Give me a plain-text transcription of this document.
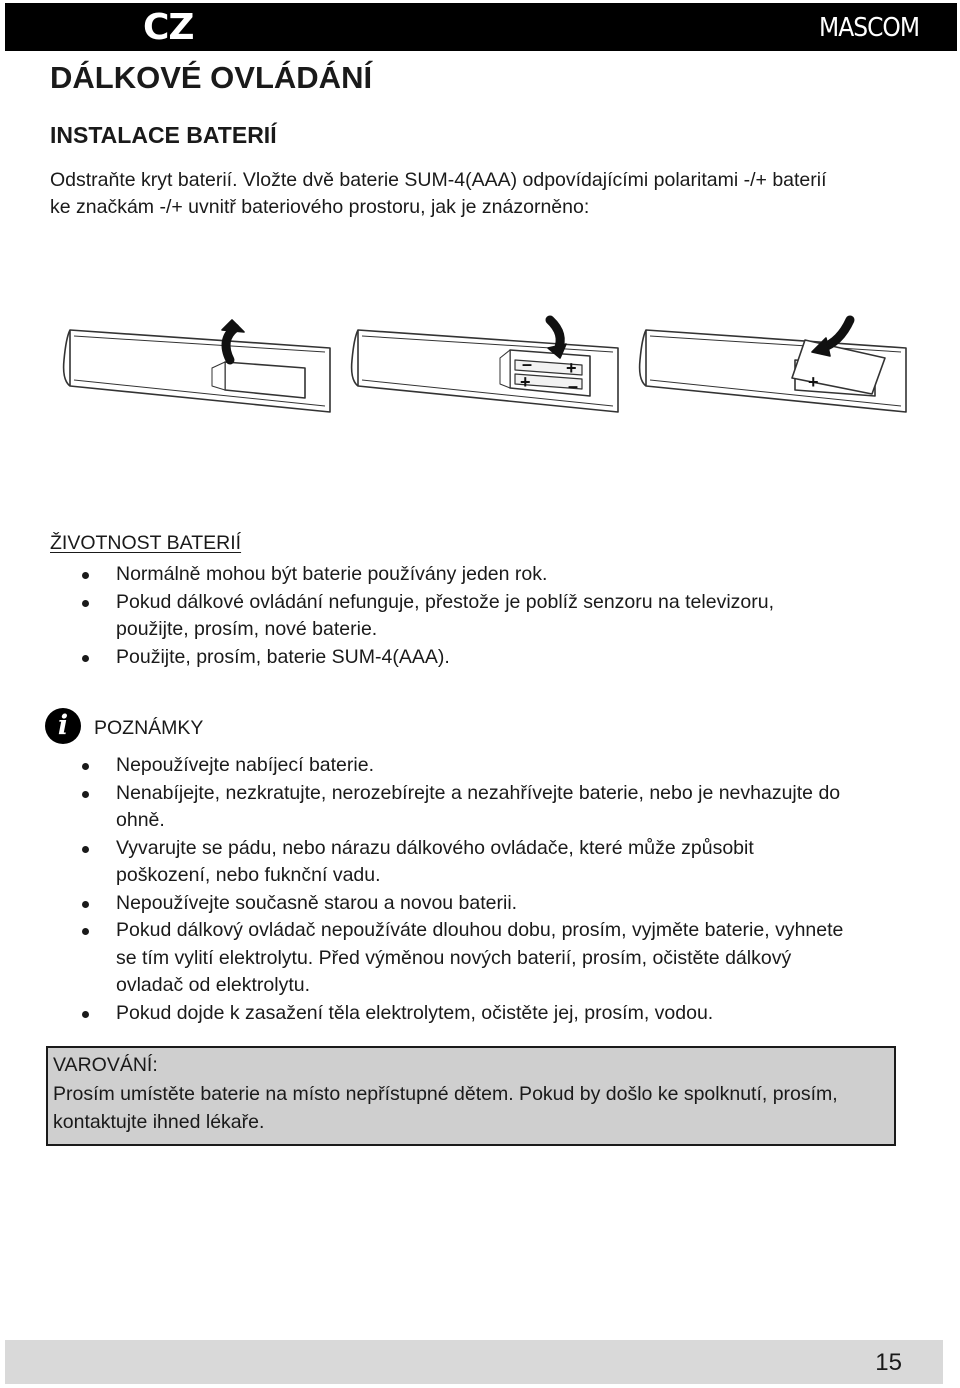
CZ	MASCOM
DÁLKOVÉ OVLÁDÁNÍ
INSTALACE BATERIÍ

Odstraňte kryt baterií. Vložte dvě baterie SUM-4(AAA) odpovídajícími polaritami -/+ baterií
ke značkám -/+ uvnitř bateriového prostoru, jak je znázorněno:

– +
+ –	+
ŽIVOTNOST BATERIÍ
Normálně mohou být baterie používány jeden rok.
Pokud dálkové ovládání nefunguje, přestože je poblíž senzoru na televizoru,
použijte, prosím, nové baterie.
Použijte, prosím, baterie SUM-4(AAA).
i	POZNÁMKY
Nepoužívejte nabíjecí baterie.
Nenabíjejte, nezkratujte, nerozebírejte a nezahřívejte baterie, nebo je nevhazujte do
ohně.
Vyvarujte se pádu, nebo nárazu dálkového ovládače, které může způsobit
poškození, nebo fuknční vadu.
Nepoužívejte současně starou a novou baterii.
Pokud dálkový ovládač nepoužíváte dlouhou dobu, prosím, vyjměte baterie, vyhnete
se tím vylití elektrolytu. Před výměnou nových baterií, prosím, očistěte dálkový
ovladač od elektrolytu.
Pokud dojde k zasažení těla elektrolytem, očistěte jej, prosím, vodou.
VAROVÁNÍ:

Prosím umístěte baterie na místo nepřístupné dětem. Pokud by došlo ke spolknutí, prosím,
kontaktujte ihned lékaře.

15
